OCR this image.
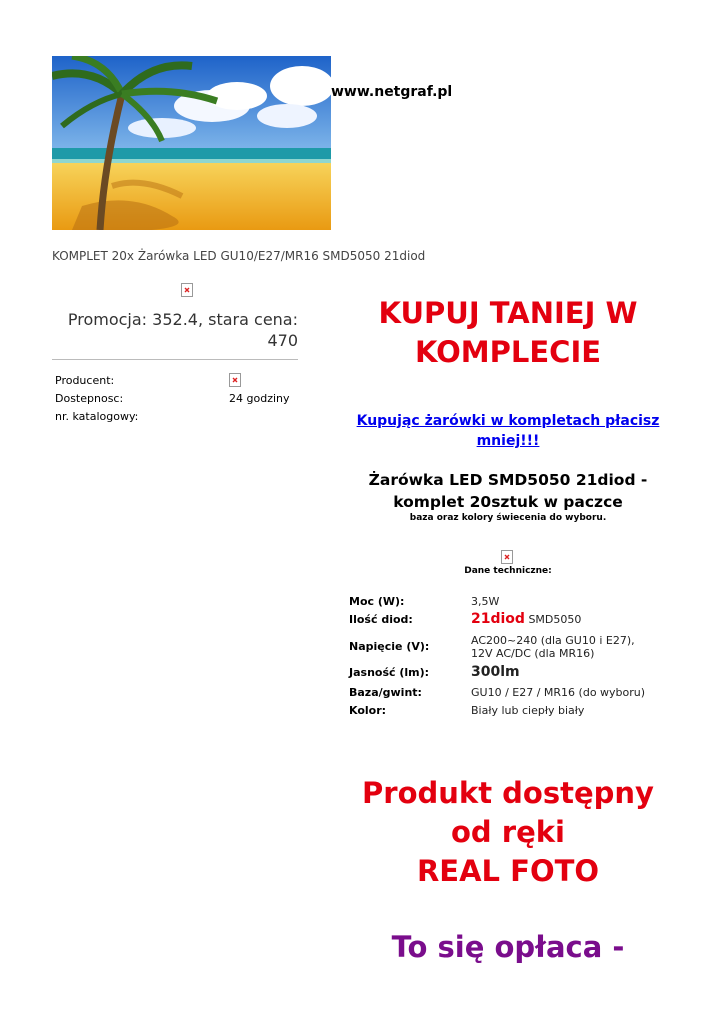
www.netgraf.pl
KOMPLET 20x Żarówka LED GU10/E27/MR16 SMD5050 21diod
Promocja: 352.4, stara cena: 470
Producent:
Dostepnosc:	24 godziny
nr. katalogowy:
KUPUJ TANIEJ W KOMPLECIE
Kupując żarówki w kompletach płacisz mniej!!!
Żarówka LED SMD5050 21diod - komplet 20sztuk w paczce
baza oraz kolory świecenia do wyboru.
Dane techniczne:
Moc (W):	3,5W
Ilość diod:	21diod SMD5050
Napięcie (V):	AC200~240 (dla GU10 i E27),
12V AC/DC (dla MR16)
Jasność (lm):	300lm
Baza/gwint:	GU10 / E27 / MR16 (do wyboru)
Kolor:	Biały lub ciepły biały
Produkt dostępny
od ręki
REAL FOTO
To się opłaca -
